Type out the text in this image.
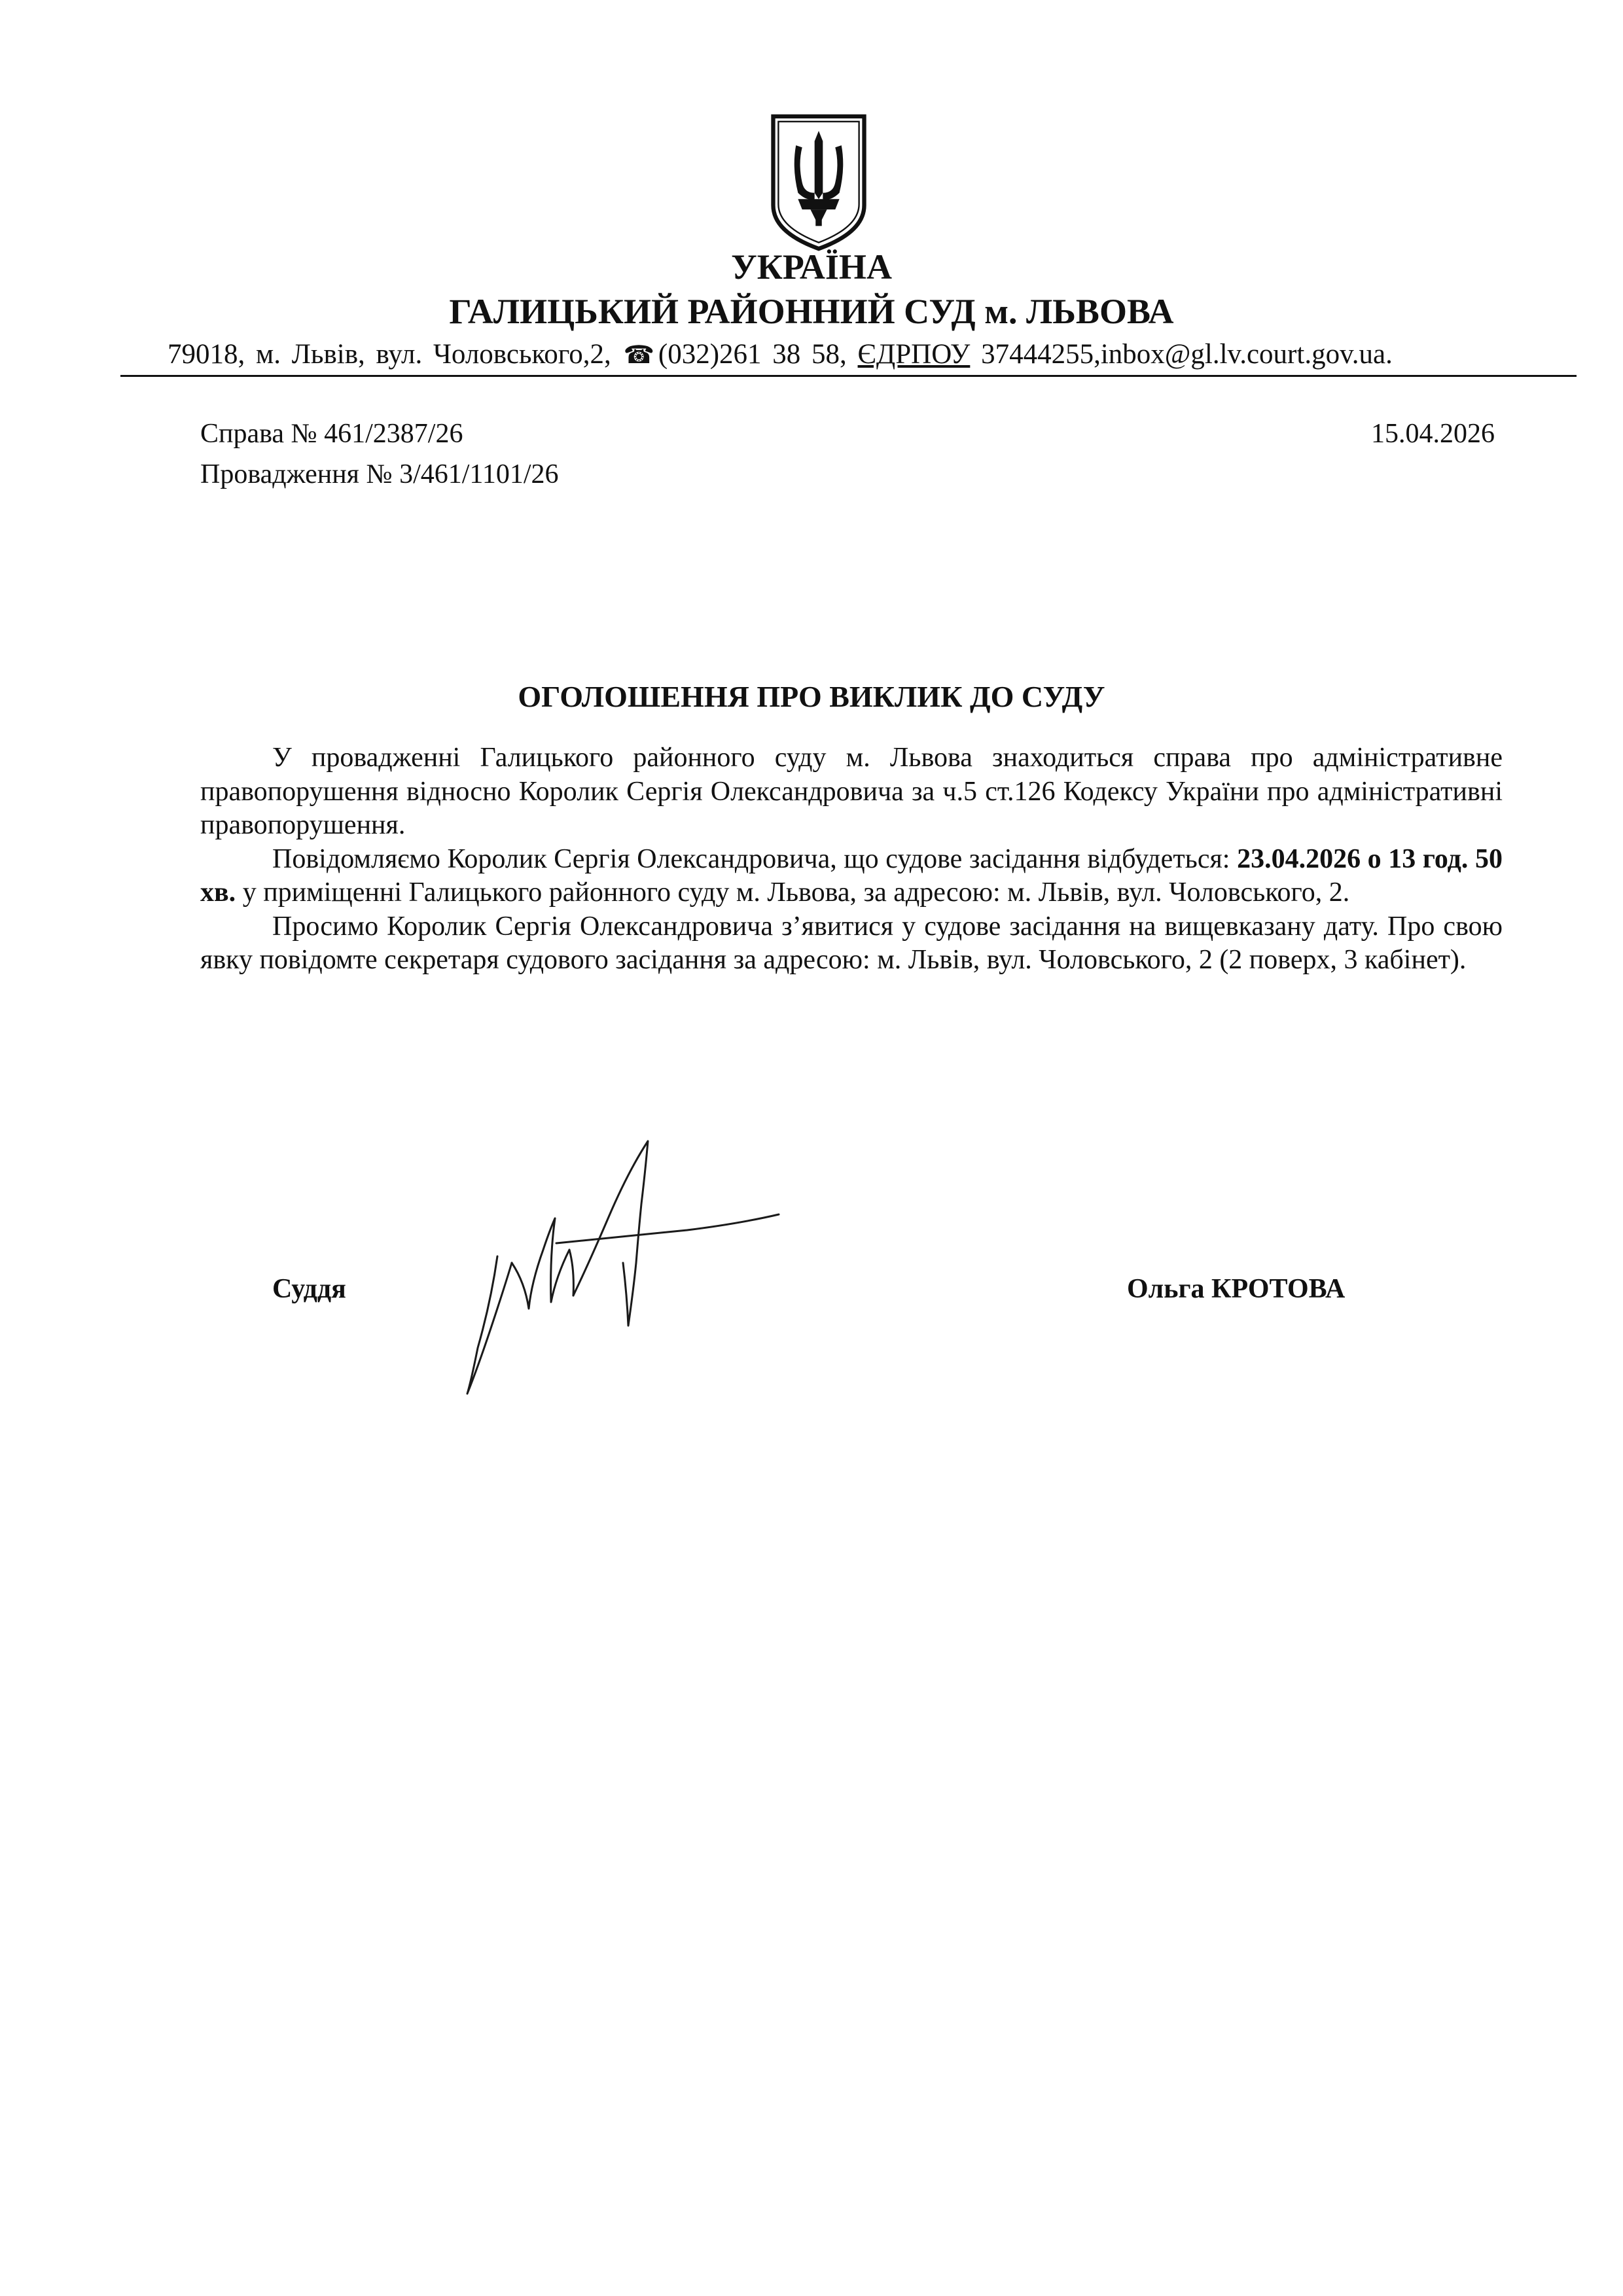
УКРАЇНА
ГАЛИЦЬКИЙ РАЙОННИЙ СУД м. ЛЬВОВА
79018, м. Львів, вул. Чоловського,2, ☎ (032)261 38 58, ЄДРПОУ 37444255,inbox@gl.lv.court.gov.ua.
Справа № 461/2387/26
Провадження № 3/461/1101/26
15.04.2026
ОГОЛОШЕННЯ ПРО ВИКЛИК ДО СУДУ

У провадженні Галицького районного суду м. Львова знаходиться справа про адміністративне правопорушення відносно Королик Сергія Олександровича за ч.5 ст.126 Кодексу України про адміністративні правопорушення.

Повідомляємо Королик Сергія Олександровича, що судове засідання відбудеться: 23.04.2026 о 13 год. 50 хв. у приміщенні Галицького районного суду м. Львова, за адресою: м. Львів, вул. Чоловського, 2.

Просимо Королик Сергія Олександровича з’явитися у судове засідання на вищевказану дату. Про свою явку повідомте секретаря судового засідання за адресою: м. Львів, вул. Чоловського, 2 (2 поверх, 3 кабінет).

Суддя	Ольга КРОТОВА
